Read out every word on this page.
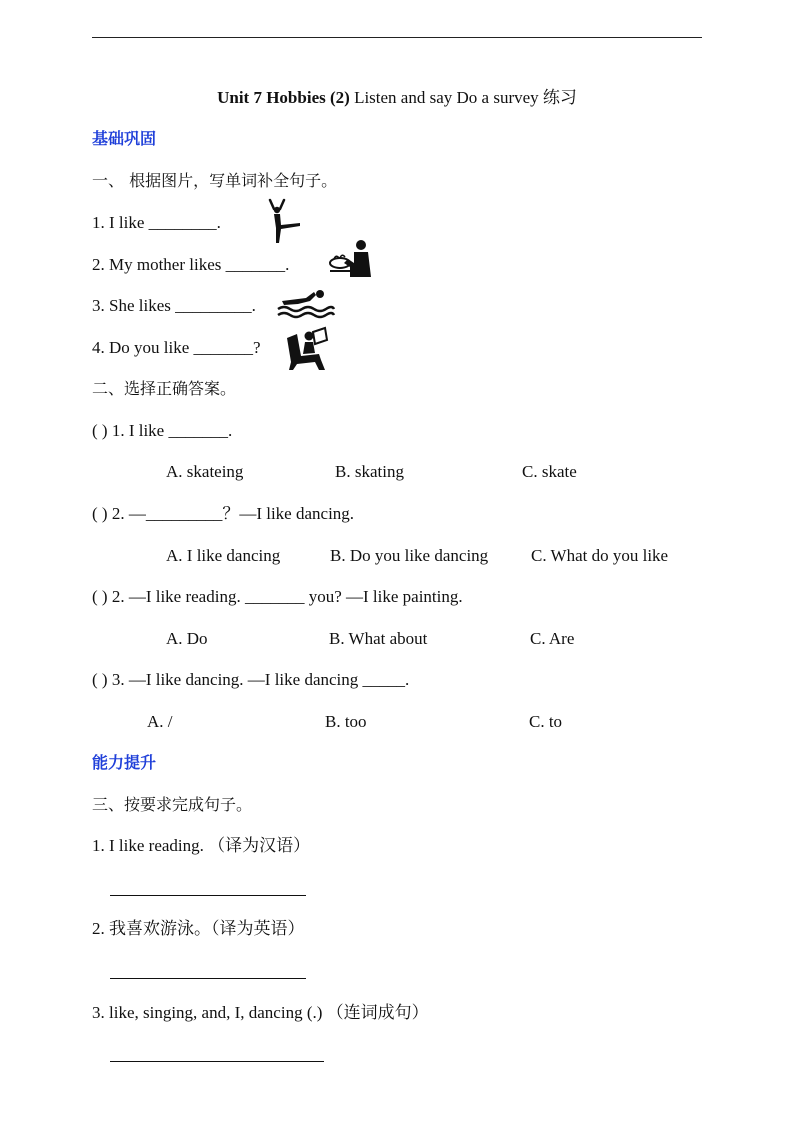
Unit 7 Hobbies (2) Listen and say Do a survey 练习
基础巩固
一、 根据图片，写单词补全句子。
1. I like ________.
2. My mother likes _______.
3. She likes _________.
4. Do you like _______?
二、选择正确答案。
( ) 1. I like _______.
A. skateing	B. skating	C. skate
( ) 2. —_________？—I like dancing.
A. I like dancing	B. Do you like dancing	C. What do you like
( ) 2. —I like reading. _______ you? —I like painting.
A. Do	B. What about	C. Are
( ) 3. —I like dancing. —I like dancing _____.
A. /	B. too	C. to
能力提升
三、按要求完成句子。
1. I like reading. （译为汉语）
2. 我喜欢游泳。（译为英语）
3. like, singing, and, I, dancing (.) （连词成句）
